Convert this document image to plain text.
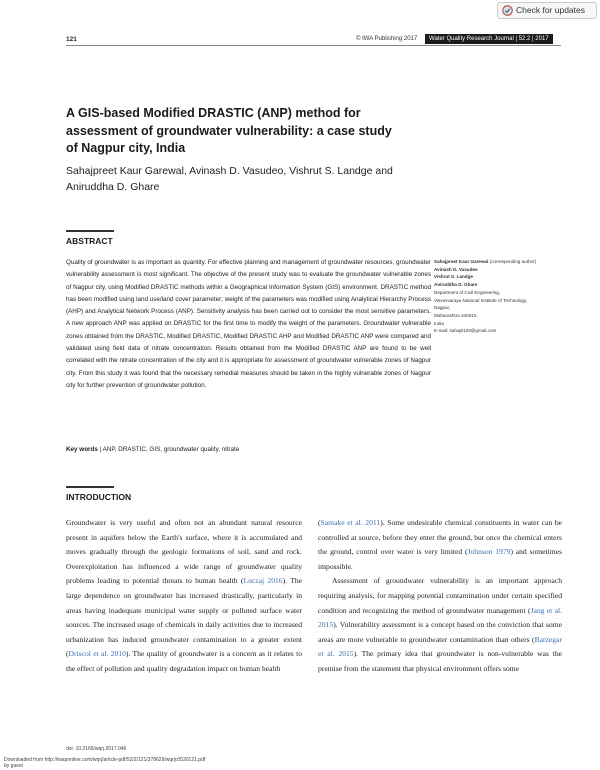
Check for updates
121	© IWA Publishing 2017	Water Quality Research Journal | 52.2 | 2017
A GIS-based Modified DRASTIC (ANP) method for assessment of groundwater vulnerability: a case study of Nagpur city, India
Sahajpreet Kaur Garewal, Avinash D. Vasudeo, Vishrut S. Landge and Aniruddha D. Ghare
ABSTRACT
Quality of groundwater is as important as quantity. For effective planning and management of groundwater resources, groundwater vulnerability assessment is most significant. The objective of the present study was to evaluate the groundwater vulnerable zones of Nagpur city, using Modified DRASTIC methods within a Geographical Information System (GIS) environment. DRASTIC method has been modified using land use/land cover parameter; weight of the parameters was modified using Analytical Hierarchy Process (AHP) and Analytical Network Process (ANP). Sensitivity analysis has been carried out to consider the most sensitive parameters. A new approach ANP was applied on DRASTIC for the first time to modify the weight of the parameters. Groundwater vulnerable zones obtained from the DRASTIC, Modified DRASTIC, Modified DRASTIC AHP and Modified DRASTIC ANP were compared and validated using field data of nitrate concentration. Results obtained from the Modified DRASTIC ANP are found to be well correlated with the nitrate concentration of the city and it is appropriate for assessment of groundwater vulnerable zones of Nagpur city. From this study it was found that the necessary remedial measures should be taken in the highly vulnerable zones of Nagpur city for further prevention of groundwater pollution.
Key words | ANP, DRASTIC, GIS, groundwater quality, nitrate
Sahajpreet Kaur Garewal (corresponding author)
Avinash D. Vasudeo
Vishrut S. Landge
Aniruddha D. Ghare
Department of Civil Engineering,
Visvesvaraya National Institute of Technology,
Nagpur,
Maharashtra 440010,
India
E-mail: sahaj0129@gmail.com
INTRODUCTION
Groundwater is very useful and often not an abundant natural resource present in aquifers below the Earth's surface, where it is accumulated and moves gradually through the geologic formations of soil, sand and rock. Overexploitation has influenced a wide range of groundwater quality problems leading to potential threats to human health (Luczaj 2016). The large dependence on groundwater has increased drastically, particularly in areas having inadequate municipal water supply or polluted surface water sources. The increased usage of chemicals in daily activities due to increased urbanization has induced groundwater contamination to a greater extent (Driscol et al. 2010). The quality of groundwater is a concern as it relates to the effect of pollution and quality degradation impact on human health
(Samake et al. 2011). Some undesirable chemical constituents in water can be controlled at source, before they enter the ground, but once the chemical enters the ground, control over water is very limited (Johnson 1979) and sometimes impossible.
Assessment of groundwater vulnerability is an important approach requiring analysis, for mapping potential contamination under certain specified condition and recognizing the method of groundwater management (Jang et al. 2015). Vulnerability assessment is a concept based on the conviction that some areas are more vulnerable to groundwater contamination than others (Barzegar et al. 2015). The primary idea that groundwater is non-vulnerable was the premise from the statement that physical environment offers some
doi: 10.2166/wqrj.2017.046
Downloaded from http://iwaponline.com/wqrj/article-pdf/52/2/121/378629/wqrjc0520121.pdf
by guest
